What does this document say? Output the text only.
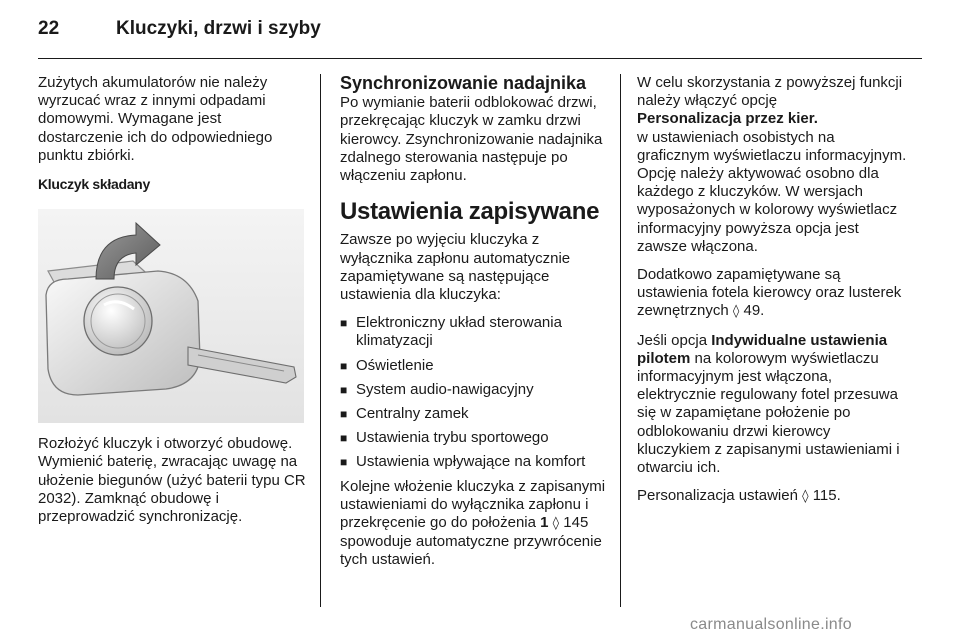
22	Kluczyki, drzwi i szyby

Zużytych akumulatorów nie należy wyrzucać wraz z innymi odpadami domowymi. Wymagane jest dostarczenie ich do odpowiedniego punktu zbiórki.

Kluczyk składany

Rozłożyć kluczyk i otworzyć obudowę. Wymienić baterię, zwracając uwagę na ułożenie biegunów (użyć baterii typu CR 2032). Zamknąć obudowę i przeprowadzić synchronizację.

Synchronizowanie nadajnika

Po wymianie baterii odblokować drzwi, przekręcając kluczyk w zamku drzwi kierowcy. Zsynchronizowanie nadajnika zdalnego sterowania następuje po włączeniu zapłonu.

Ustawienia zapisywane

Zawsze po wyjęciu kluczyka z wyłącznika zapłonu automatycznie zapamiętywane są następujące ustawienia dla kluczyka:

■ Elektroniczny układ sterowania klimatyzacji
■ Oświetlenie
■ System audio-nawigacyjny
■ Centralny zamek
■ Ustawienia trybu sportowego
■ Ustawienia wpływające na komfort

Kolejne włożenie kluczyka z zapisanymi ustawieniami do wyłącznika zapłonu i przekręcenie go do położenia 1 ◊ 145 spowoduje automatyczne przywrócenie tych ustawień.

W celu skorzystania z powyższej funkcji należy włączyć opcję
Personalizacja przez kier.
w ustawieniach osobistych na graficznym wyświetlaczu informacyjnym. Opcję należy aktywować osobno dla każdego z kluczyków. W wersjach wyposażonych w kolorowy wyświetlacz informacyjny powyższa opcja jest zawsze włączona.

Dodatkowo zapamiętywane są ustawienia fotela kierowcy oraz lusterek zewnętrznych ◊ 49.

Jeśli opcja Indywidualne ustawienia pilotem na kolorowym wyświetlaczu informacyjnym jest włączona, elektrycznie regulowany fotel przesuwa się w zapamiętane położenie po odblokowaniu drzwi kierowcy kluczykiem z zapisanymi ustawieniami i otwarciu ich.

Personalizacja ustawień ◊ 115.

carmanualsonline.info
